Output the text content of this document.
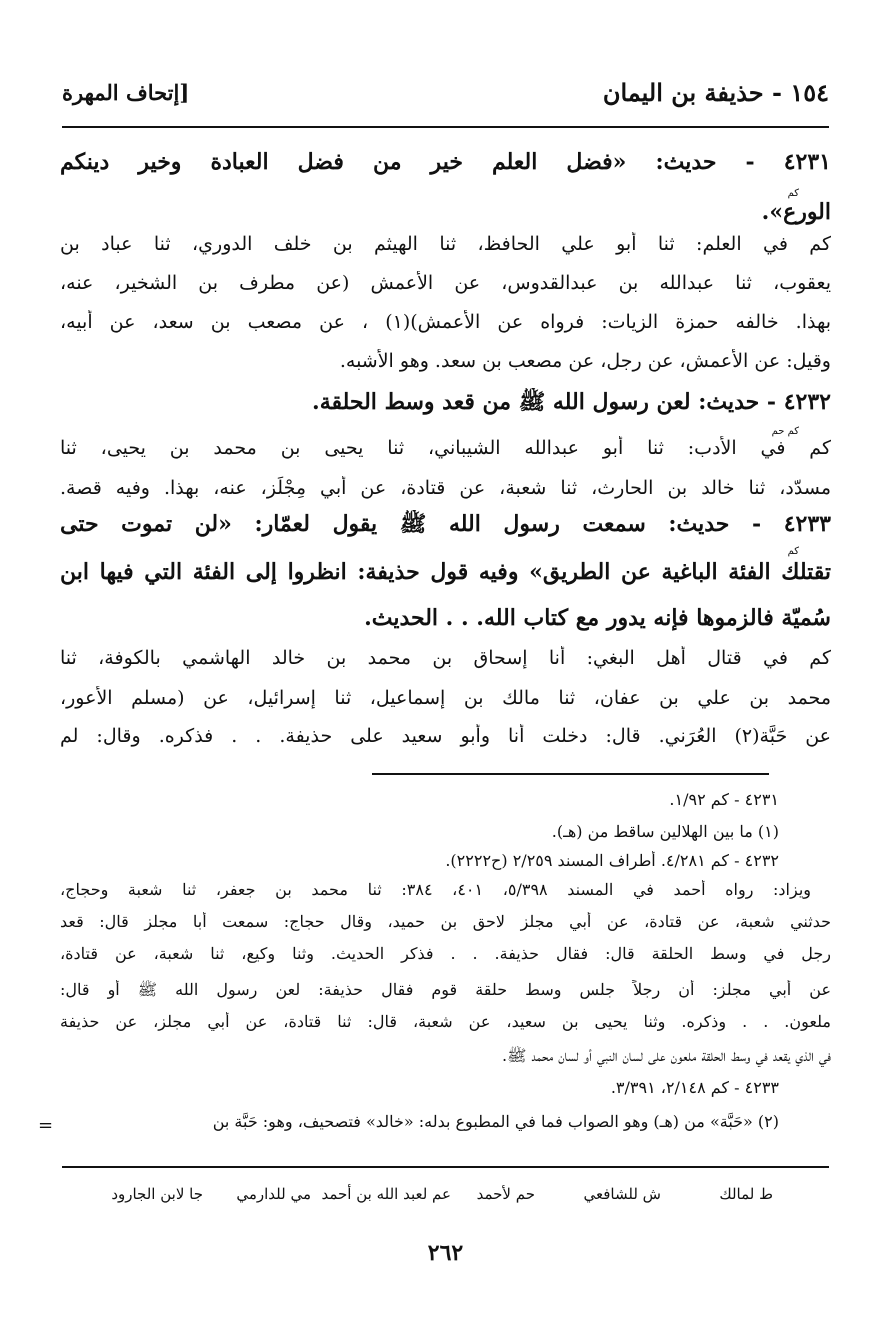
١٥٤ - حذيفة بن اليمان
[إتحاف المهرة
٤٢٣١ - حديث: «فضل العلم خير من فضل العبادة وخير دينكم
كم
الورع».
كم في العلم: ثنا أبو علي الحافظ، ثنا الهيثم بن خلف الدوري، ثنا عباد بن
يعقوب، ثنا عبدالله بن عبدالقدوس، عن الأعمش (عن مطرف بن الشخير، عنه،
بهذا. خالفه حمزة الزيات: فرواه عن الأعمش)(١) ، عن مصعب بن سعد، عن أبيه،
وقيل: عن الأعمش، عن رجل، عن مصعب بن سعد. وهو الأشبه.
٤٢٣٢ - حديث: لعن رسول الله ﷺ من قعد وسط الحلقة.
كم حم
كم في الأدب: ثنا أبو عبدالله الشيباني، ثنا يحيى بن محمد بن يحيى، ثنا
مسدّد، ثنا خالد بن الحارث، ثنا شعبة، عن قتادة، عن أبي مِجْلَز، عنه، بهذا. وفيه قصة.
٤٢٣٣ - حديث: سمعت رسول الله ﷺ يقول لعمّار: «لن تموت حتى
كم
تقتلك الفئة الباغية عن الطريق» وفيه قول حذيفة: انظروا إلى الفئة التي فيها ابن
سُميّة فالزموها فإنه يدور مع كتاب الله. . . الحديث.
كم في قتال أهل البغي: أنا إسحاق بن محمد بن خالد الهاشمي بالكوفة، ثنا
محمد بن علي بن عفان، ثنا مالك بن إسماعيل، ثنا إسرائيل، عن (مسلم الأعور،
عن حَبَّة(٢) العُرَني. قال: دخلت أنا وأبو سعيد على حذيفة. . . فذكره. وقال: لم
٤٢٣١ - كم ١/٩٢.
(١) ما بين الهلالين ساقط من (هـ).
٤٢٣٢ - كم ٤/٢٨١. أطراف المسند ٢/٢٥٩ (ح٢٢٢٢).
ويزاد: رواه أحمد في المسند ٥/٣٩٨، ٤٠١، ٣٨٤: ثنا محمد بن جعفر، ثنا شعبة وحجاج،
حدثني شعبة، عن قتادة، عن أبي مجلز لاحق بن حميد، وقال حجاج: سمعت أبا مجلز قال: قعد
رجل في وسط الحلقة قال: فقال حذيفة. . . فذكر الحديث. وثنا وكيع، ثنا شعبة، عن قتادة،
عن أبي مجلز: أن رجلاً جلس وسط حلقة قوم فقال حذيفة: لعن رسول الله ﷺ أو قال:
ملعون. . . وذكره. وثنا يحيى بن سعيد، عن شعبة، قال: ثنا قتادة، عن أبي مجلز، عن حذيفة
في الذي يقعد في وسط الحلقة ملعون على لسان النبي أو لسان محمد ﷺ.
٤٢٣٣ - كم ٢/١٤٨، ٣/٣٩١.
(٢) «حَبَّة» من (هـ) وهو الصواب فما في المطبوع بدله: «خالد» فتصحيف، وهو: حَبَّة بن
=
ط لمالك
ش للشافعي
حم لأحمد
عم لعبد الله بن أحمد
مي للدارمي
جا لابن الجارود
٢٦٢
